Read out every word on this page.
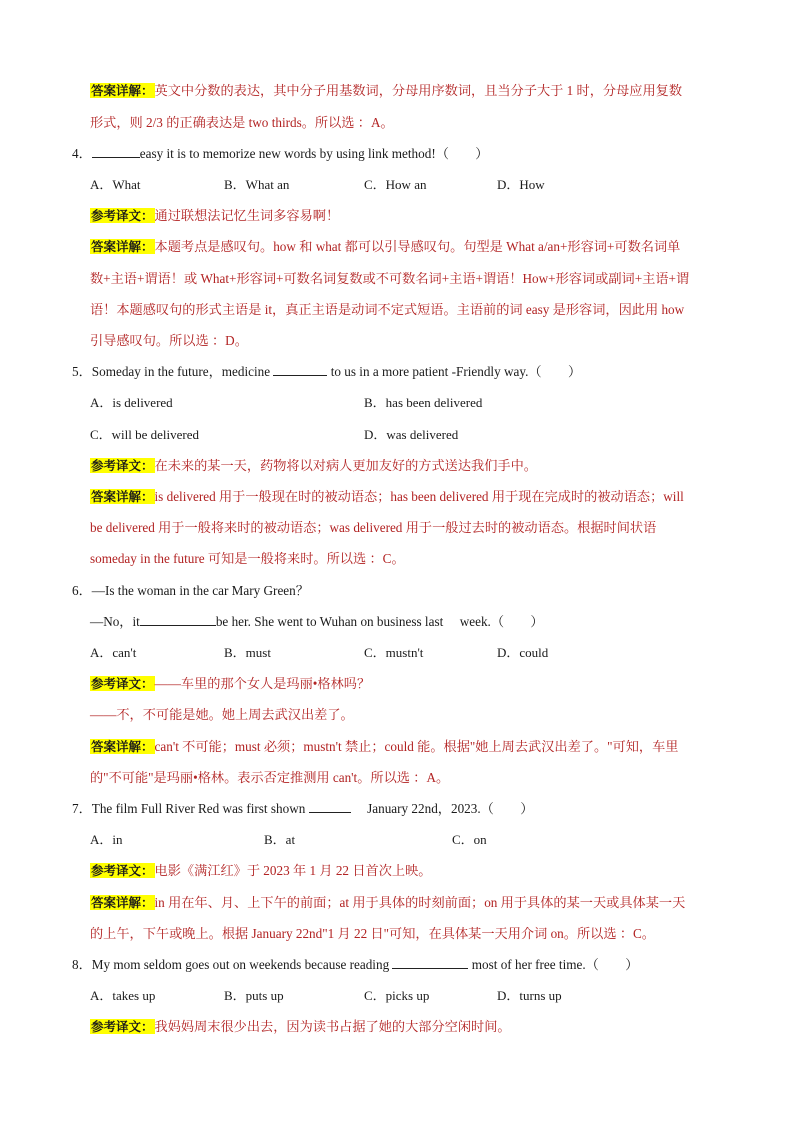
答案详解：英文中分数的表达，其中分子用基数词，分母用序数词，且当分子大于 1 时，分母应用复数
形式，则 2/3 的正确表达是 two thirds。所以选 ：A。
4．	easy it is to memorize new words by using link method!（　　）
A．What	B．What an	C．How an	D．How
参考译文：通过联想法记忆生词多容易啊！
答案详解：本题考点是感叹句。how 和 what 都可以引导感叹句。句型是 What a/an+形容词+可数名词单
数+主语+谓语！或 What+形容词+可数名词复数或不可数名词+主语+谓语！How+形容词或副词+主语+谓
语！本题感叹句的形式主语是 it，真正主语是动词不定式短语。主语前的词 easy 是形容词，因此用 how
引导感叹句。所以选 ：D。
5．Someday in the future，medicine	to us in a more patient -Friendly way.（　　）
A．is delivered	B．has been delivered
C．will be delivered	D．was delivered
参考译文：在未来的某一天，药物将以对病人更加友好的方式送达我们手中。
答案详解：is delivered 用于一般现在时的被动语态；has been delivered 用于现在完成时的被动语态；will
be delivered 用于一般将来时的被动语态；was delivered 用于一般过去时的被动语态。根据时间状语
someday in the future 可知是一般将来时。所以选 ：C。
6．—Is the woman in the car Mary Green？
—No，it	be her. She went to Wuhan on business last　 week.（　　）
A．can't	B．must	C．mustn't	D．could
参考译文：——车里的那个女人是玛丽•格林吗？
——不，不可能是她。她上周去武汉出差了。
答案详解：can't 不可能；must 必须；mustn't 禁止；could 能。根据"她上周去武汉出差了。"可知，车里
的"不可能"是玛丽•格林。表示否定推测用 can't。所以选 ：A。
7．The film Full River Red was first shown 　	January 22nd，2023.（　　）
A．in	B．at	C．on
参考译文：电影《满江红》于 2023 年 1 月 22 日首次上映。
答案详解：in 用在年、月、上下午的前面；at 用于具体的时刻前面；on 用于具体的某一天或具体某一天
的上午，下午或晚上。根据 January 22nd"1 月 22 日"可知，在具体某一天用介词 on。所以选 ：C。
8．My mom seldom goes out on weekends because reading	most of her free time.（　　）
A．takes up	B．puts up	C．picks up	D．turns up
参考译文：我妈妈周末很少出去，因为读书占据了她的大部分空闲时间。
